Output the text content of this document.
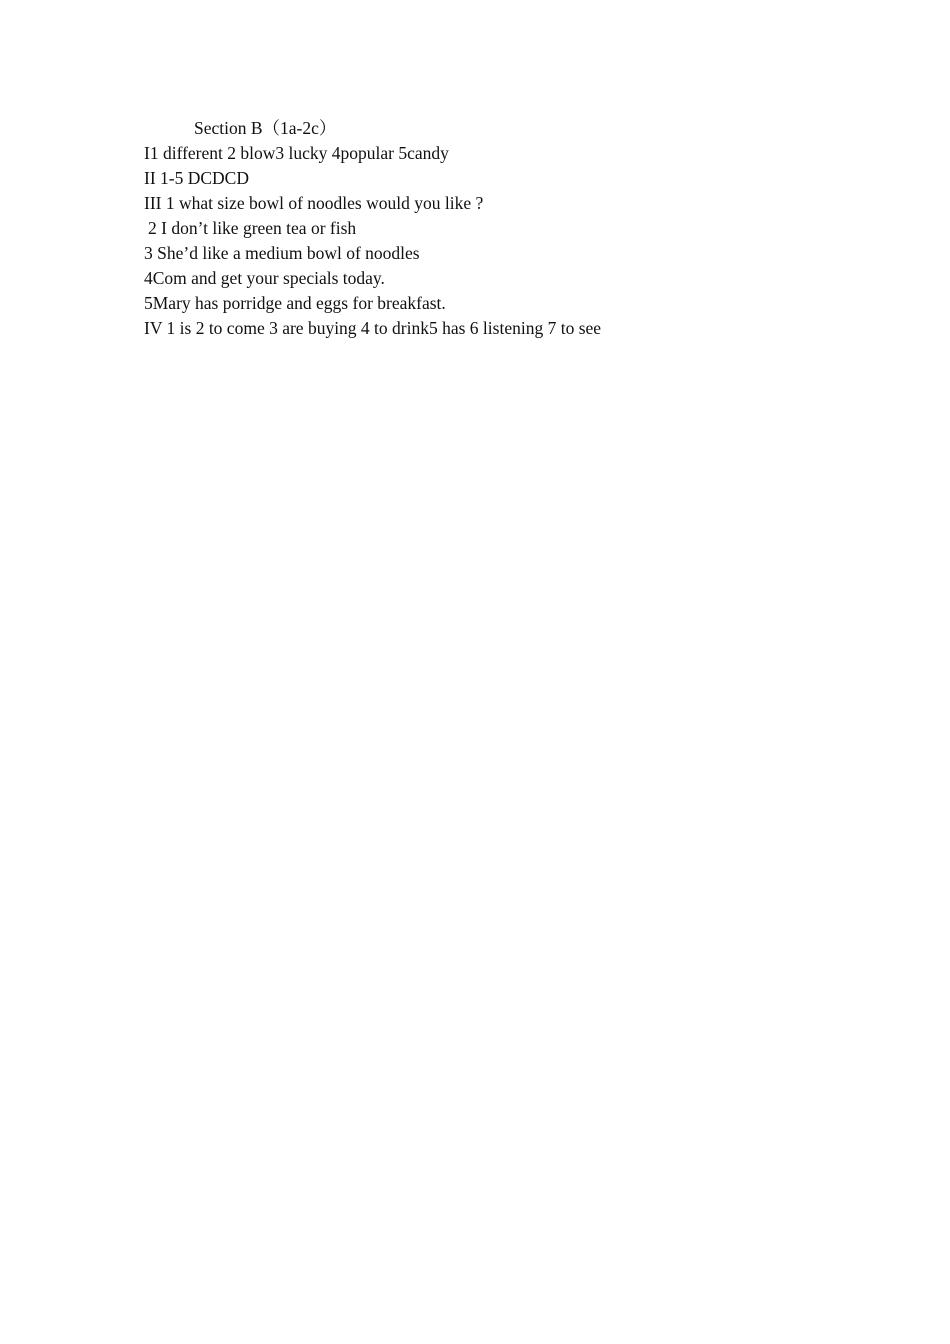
Section B（1a-2c）
I1 different 2 blow3 lucky 4popular 5candy
II 1-5 DCDCD
III 1 what size bowl of noodles would you like ?
2 I don’t like green tea or fish
3 She’d like a medium bowl of noodles
4Com and get your specials today.
5Mary has porridge and eggs for breakfast.
IV 1 is 2 to come 3 are buying 4 to drink5 has 6 listening 7 to see
